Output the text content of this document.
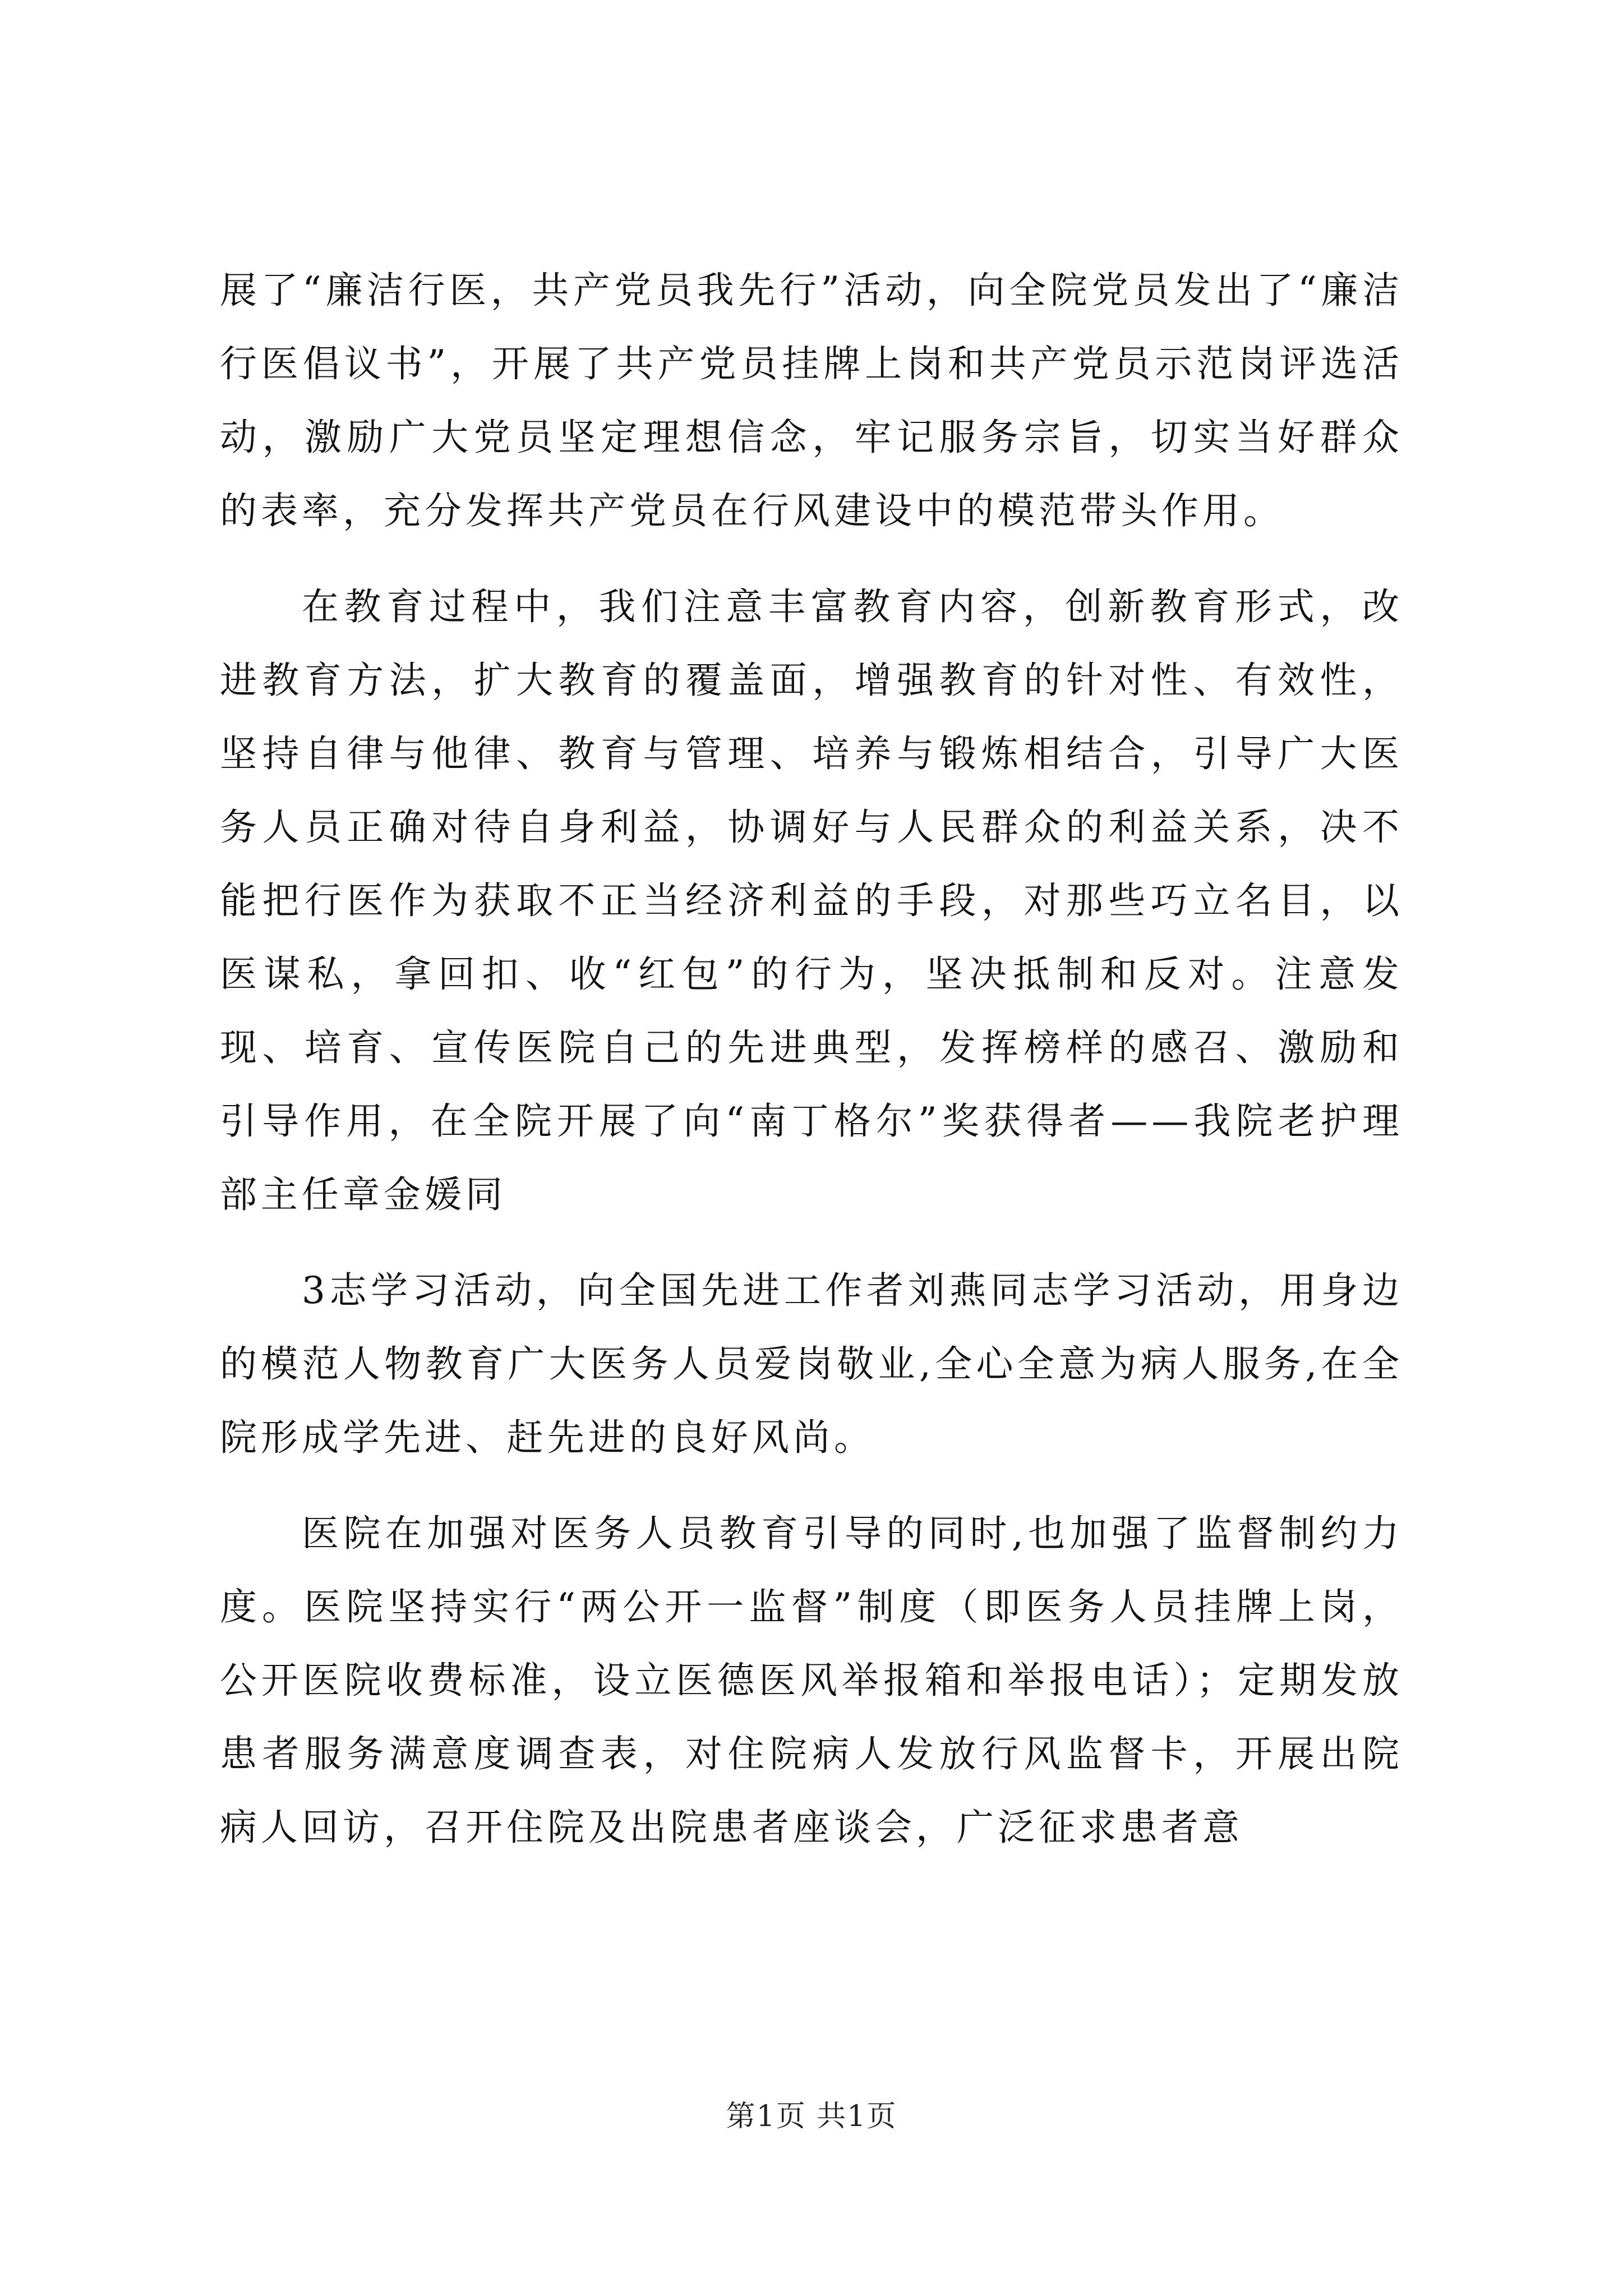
展了“廉洁行医，共产党员我先行”活动，向全院党员发出了“廉洁行医倡议书”，开展了共产党员挂牌上岗和共产党员示范岗评选活动，激励广大党员坚定理想信念，牢记服务宗旨，切实当好群众的表率，充分发挥共产党员在行风建设中的模范带头作用。

在教育过程中，我们注意丰富教育内容，创新教育形式，改进教育方法，扩大教育的覆盖面，增强教育的针对性、有效性，坚持自律与他律、教育与管理、培养与锻炼相结合，引导广大医务人员正确对待自身利益，协调好与人民群众的利益关系，决不能把行医作为获取不正当经济利益的手段，对那些巧立名目，以医谋私，拿回扣、收“红包”的行为，坚决抵制和反对。注意发现、培育、宣传医院自己的先进典型，发挥榜样的感召、激励和引导作用，在全院开展了向“南丁格尔”奖获得者——我院老护理部主任章金媛同

3志学习活动，向全国先进工作者刘燕同志学习活动，用身边的模范人物教育广大医务人员爱岗敬业,全心全意为病人服务,在全院形成学先进、赶先进的良好风尚。

医院在加强对医务人员教育引导的同时,也加强了监督制约力度。医院坚持实行“两公开一监督”制度（即医务人员挂牌上岗，公开医院收费标准，设立医德医风举报箱和举报电话）；定期发放患者服务满意度调查表，对住院病人发放行风监督卡，开展出院病人回访，召开住院及出院患者座谈会，广泛征求患者意

第1页 共1页
